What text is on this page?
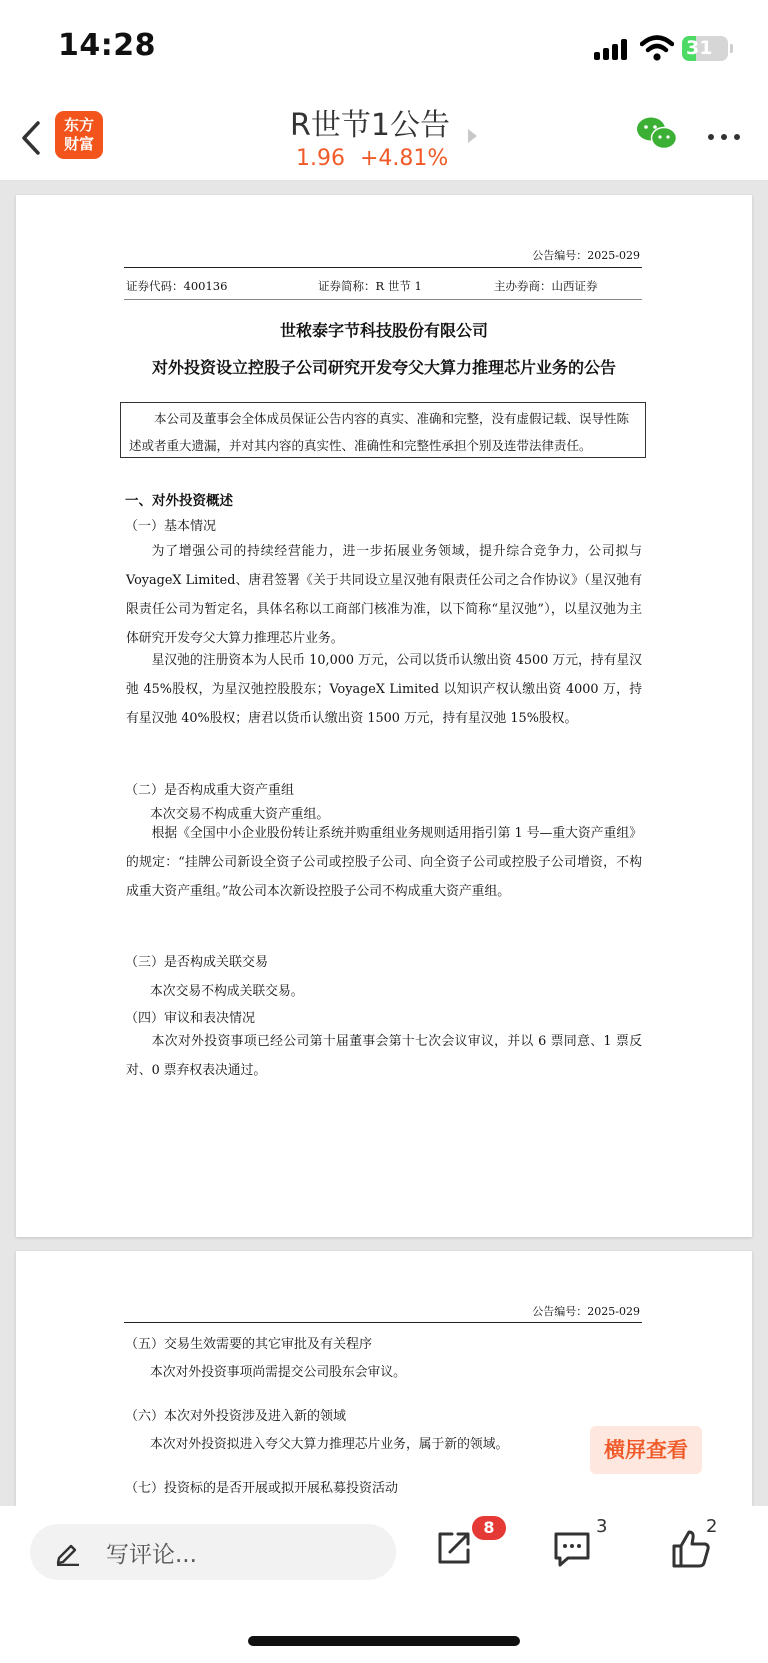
14:28	31
东方
财富
R世节1公告
1.96 +4.81%
公告编号：2025-029
证券代码：400136	证券简称：R 世节 1	主办券商：山西证券
世秾泰字节科技股份有限公司
对外投资设立控股子公司研究开发夸父大算力推理芯片业务的公告
本公司及董事会全体成员保证公告内容的真实、准确和完整，没有虚假记载、误导性陈述或者重大遗漏，并对其内容的真实性、准确性和完整性承担个别及连带法律责任。
一、对外投资概述
（一）基本情况
为了增强公司的持续经营能力，进一步拓展业务领域，提升综合竞争力，公司拟与 VoyageX Limited、唐君签署《关于共同设立星汉弛有限责任公司之合作协议》（星汉弛有限责任公司为暂定名，具体名称以工商部门核准为准，以下简称“星汉弛”），以星汉弛为主体研究开发夸父大算力推理芯片业务。
星汉弛的注册资本为人民币 10,000 万元，公司以货币认缴出资 4500 万元，持有星汉弛 45%股权，为星汉弛控股股东；VoyageX Limited 以知识产权认缴出资 4000 万，持有星汉弛 40%股权；唐君以货币认缴出资 1500 万元，持有星汉弛 15%股权。
（二）是否构成重大资产重组
本次交易不构成重大资产重组。
根据《全国中小企业股份转让系统并购重组业务规则适用指引第 1 号—重大资产重组》的规定：“挂牌公司新设全资子公司或控股子公司、向全资子公司或控股子公司增资，不构成重大资产重组。”故公司本次新设控股子公司不构成重大资产重组。
（三）是否构成关联交易
本次交易不构成关联交易。
（四）审议和表决情况
本次对外投资事项已经公司第十届董事会第十七次会议审议，并以 6 票同意、1 票反对、0 票弃权表决通过。
公告编号：2025-029
（五）交易生效需要的其它审批及有关程序
本次对外投资事项尚需提交公司股东会审议。
（六）本次对外投资涉及进入新的领域
本次对外投资拟进入夸父大算力推理芯片业务，属于新的领域。
（七）投资标的是否开展或拟开展私募投资活动
横屏查看
写评论...
8	3	2
